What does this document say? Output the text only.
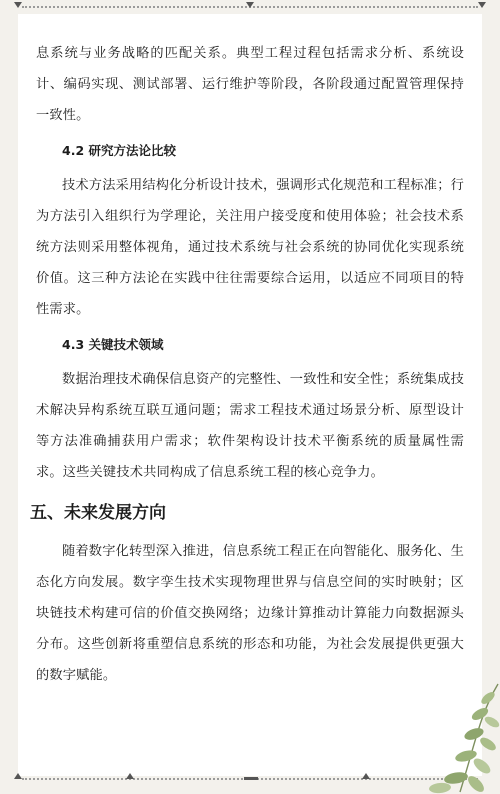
息系统与业务战略的匹配关系。典型工程过程包括需求分析、系统设计、编码实现、测试部署、运行维护等阶段，各阶段通过配置管理保持一致性。

4.2 研究方法论比较

技术方法采用结构化分析设计技术，强调形式化规范和工程标准；行为方法引入组织行为学理论，关注用户接受度和使用体验；社会技术系统方法则采用整体视角，通过技术系统与社会系统的协同优化实现系统价值。这三种方法论在实践中往往需要综合运用，以适应不同项目的特性需求。

4.3 关键技术领域

数据治理技术确保信息资产的完整性、一致性和安全性；系统集成技术解决异构系统互联互通问题；需求工程技术通过场景分析、原型设计等方法准确捕获用户需求；软件架构设计技术平衡系统的质量属性需求。这些关键技术共同构成了信息系统工程的核心竞争力。

五、未来发展方向

随着数字化转型深入推进，信息系统工程正在向智能化、服务化、生态化方向发展。数字孪生技术实现物理世界与信息空间的实时映射；区块链技术构建可信的价值交换网络；边缘计算推动计算能力向数据源头分布。这些创新将重塑信息系统的形态和功能，为社会发展提供更强大的数字赋能。
